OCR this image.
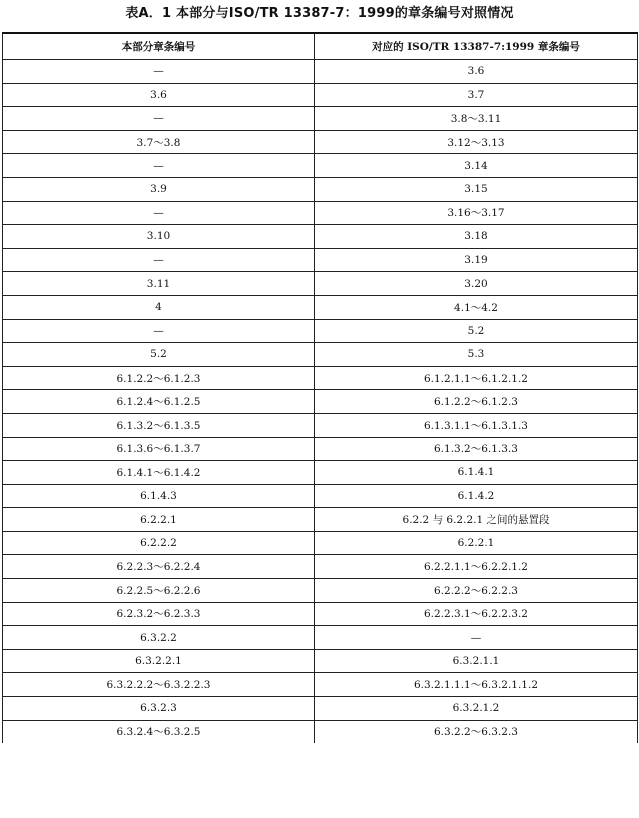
表A．1 本部分与ISO/TR 13387-7：1999的章条编号对照情况
本部分章条编号	对应的 ISO/TR 13387-7:1999 章条编号
—	3.6
3.6	3.7
—	3.8～3.11
3.7～3.8	3.12～3.13
—	3.14
3.9	3.15
—	3.16～3.17
3.10	3.18
—	3.19
3.11	3.20
4	4.1～4.2
—	5.2
5.2	5.3
6.1.2.2～6.1.2.3	6.1.2.1.1～6.1.2.1.2
6.1.2.4～6.1.2.5	6.1.2.2～6.1.2.3
6.1.3.2～6.1.3.5	6.1.3.1.1～6.1.3.1.3
6.1.3.6～6.1.3.7	6.1.3.2～6.1.3.3
6.1.4.1～6.1.4.2	6.1.4.1
6.1.4.3	6.1.4.2
6.2.2.1	6.2.2 与 6.2.2.1 之间的悬置段
6.2.2.2	6.2.2.1
6.2.2.3～6.2.2.4	6.2.2.1.1～6.2.2.1.2
6.2.2.5～6.2.2.6	6.2.2.2～6.2.2.3
6.2.3.2～6.2.3.3	6.2.2.3.1～6.2.2.3.2
6.3.2.2	—
6.3.2.2.1	6.3.2.1.1
6.3.2.2.2～6.3.2.2.3	6.3.2.1.1.1～6.3.2.1.1.2
6.3.2.3	6.3.2.1.2
6.3.2.4～6.3.2.5	6.3.2.2～6.3.2.3
